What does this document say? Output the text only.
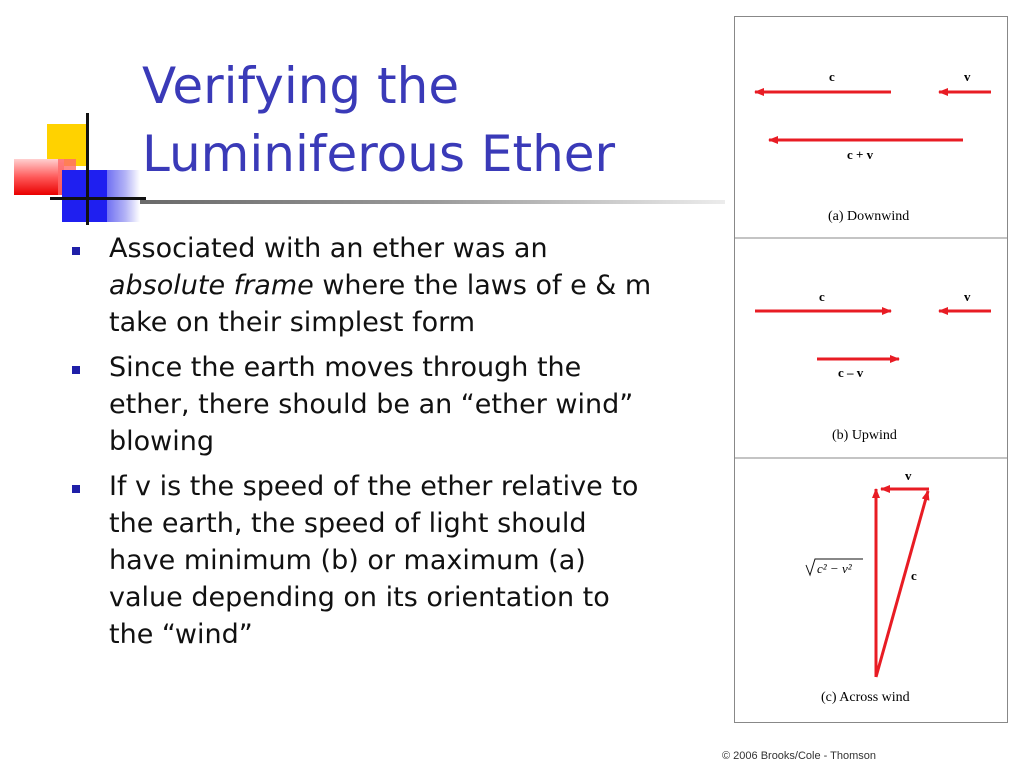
Verifying the
Luminiferous Ether
Associated with an ether was an absolute frame where the laws of e & m take on their simplest form
Since the earth moves through the ether, there should be an “ether wind” blowing
If v is the speed of the ether relative to the earth, the speed of light should have minimum (b) or maximum (a) value depending on its orientation to the “wind”
c	v
c + v
(a) Downwind
c	v
c – v
(b) Upwind
v
c² − v²	c
(c) Across wind
© 2006 Brooks/Cole - Thomson
